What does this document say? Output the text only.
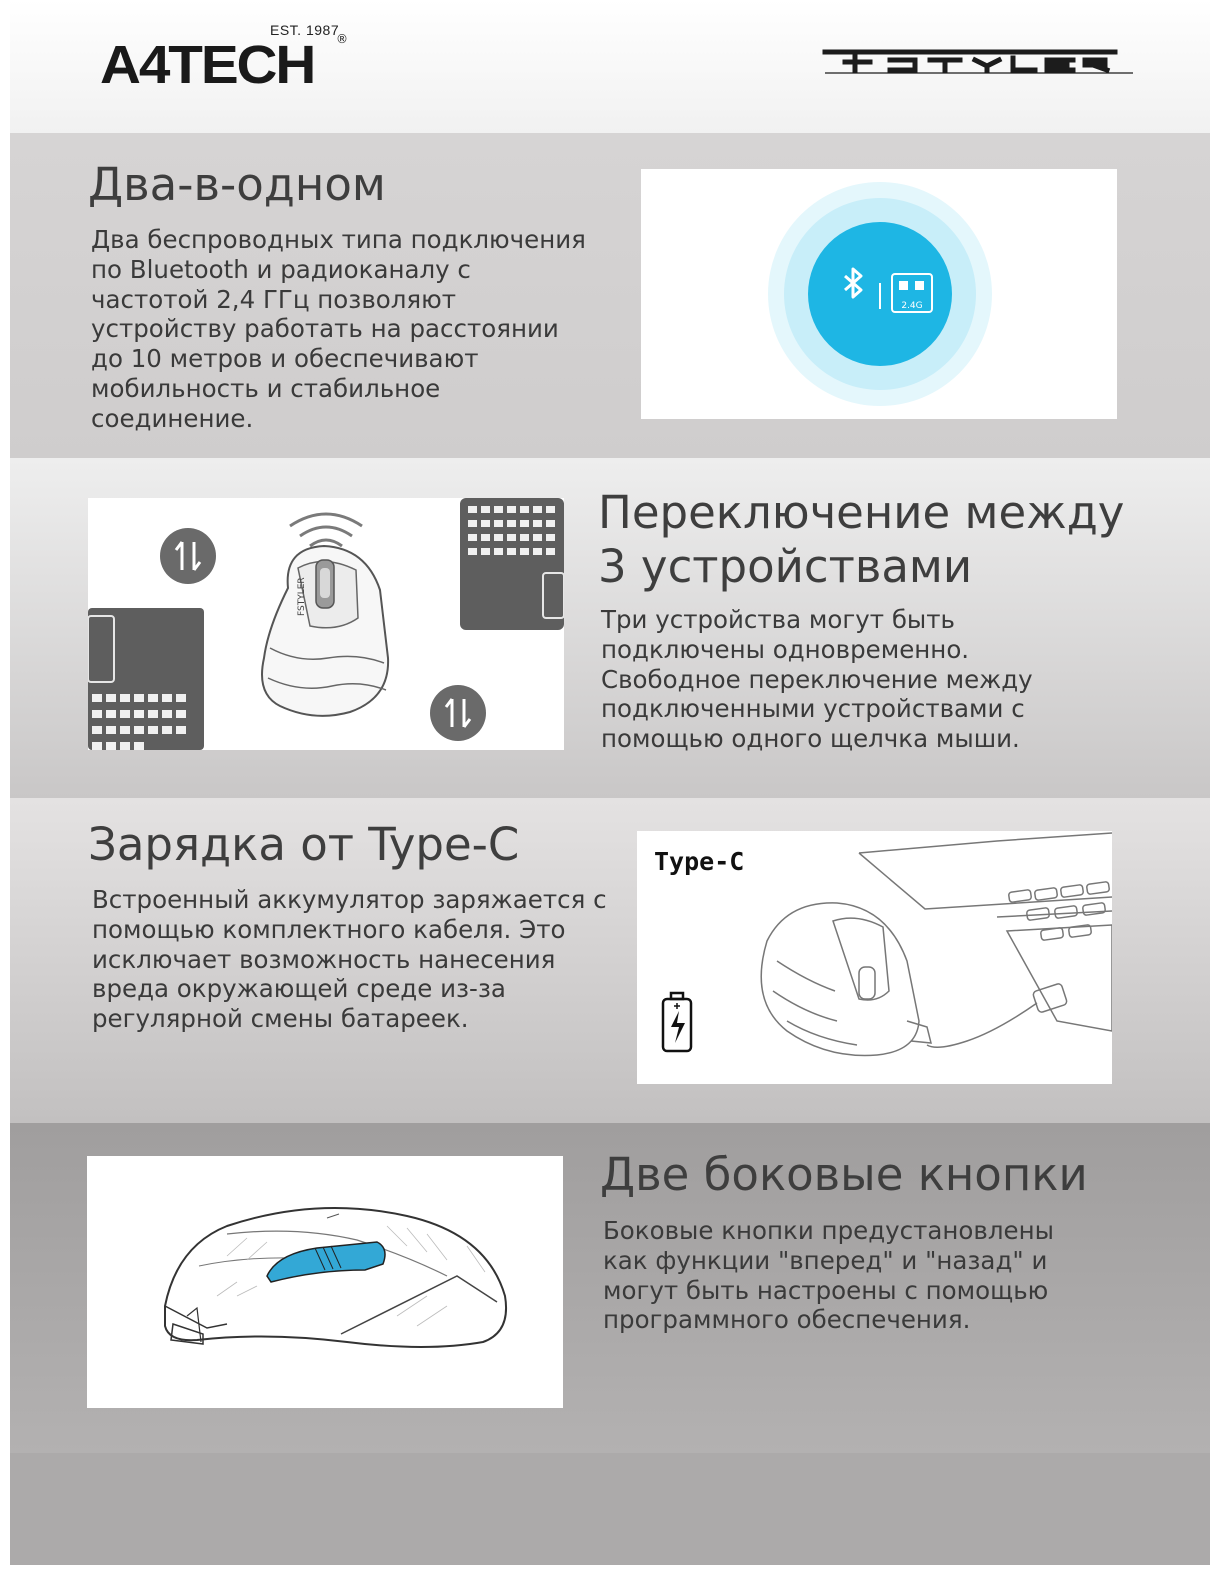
EST. 1987
A4TECH ®
Два-в-одном

Два беспроводных типа подключения по Bluetooth и радиоканалу с частотой 2,4 ГГц позволяют устройству работать на расстоянии до 10 метров и обеспечивают мобильность и стабильное соединение.

2.4G
FSTYLER
Переключение между 3 устройствами

Три устройства могут быть подключены одновременно. Свободное переключение между подключенными устройствами с помощью одного щелчка мыши.

Зарядка от Type-C

Встроенный аккумулятор заряжается с помощью комплектного кабеля. Это исключает возможность нанесения вреда окружающей среде из-за регулярной смены батареек.

Type-C
Две боковые кнопки

Боковые кнопки предустановлены как функции "вперед" и "назад" и могут быть настроены с помощью программного обеспечения.
